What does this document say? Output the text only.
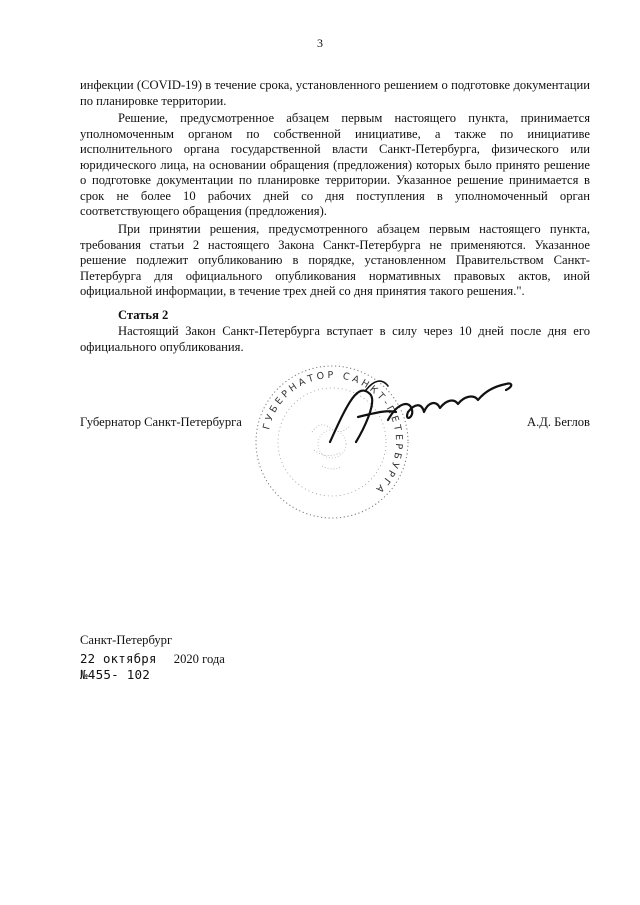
3

инфекции (COVID-19) в течение срока, установленного решением о подготовке документации по планировке территории.

Решение, предусмотренное абзацем первым настоящего пункта, принимается уполномоченным органом по собственной инициативе, а также по инициативе исполнительного органа государственной власти Санкт-Петербурга, физического или юридического лица, на основании обращения (предложения) которых было принято решение о подготовке документации по планировке территории. Указанное решение принимается в срок не более 10 рабочих дней со дня поступления в уполномоченный орган соответствующего обращения (предложения).

При принятии решения, предусмотренного абзацем первым настоящего пункта, требования статьи 2 настоящего Закона Санкт-Петербурга не применяются. Указанное решение подлежит опубликованию в порядке, установленном Правительством Санкт-Петербурга для официального опубликования нормативных правовых актов, иной официальной информации, в течение трех дней со дня принятия такого решения.".

Статья 2

Настоящий Закон Санкт-Петербурга вступает в силу через 10 дней после дня его официального опубликования.

ГУБЕРНАТОР САНКТ-ПЕТЕРБУРГА
Губернатор Санкт-Петербурга	А.Д. Беглов
Санкт-Петербург
22 октября 2020 года
№455- 102
